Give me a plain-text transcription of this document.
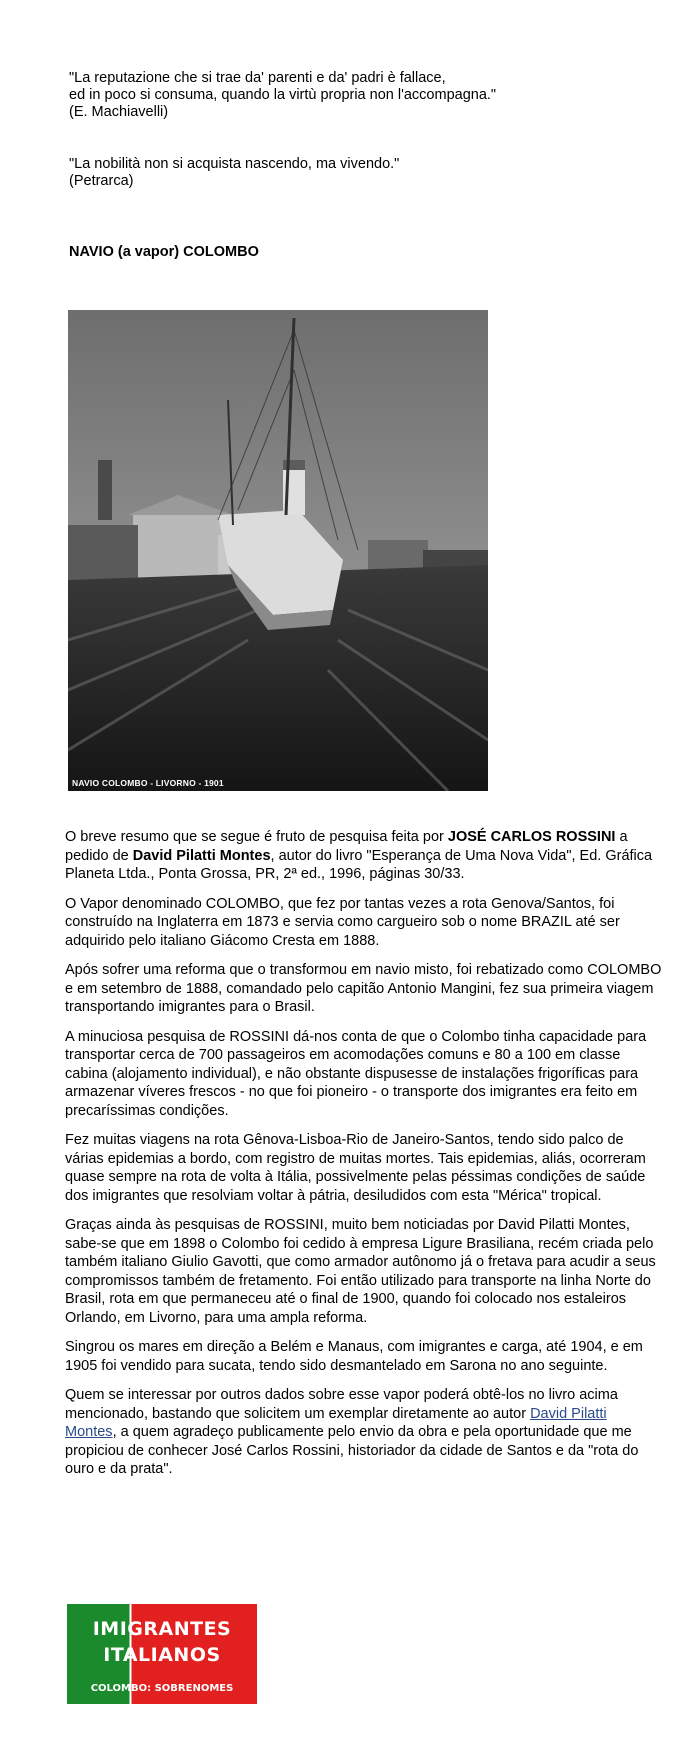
"La reputazione che si trae da' parenti e da' padri è fallace,

ed in poco si consuma, quando la virtù propria non l'accompagna."

(E. Machiavelli)

"La nobilità non si acquista nascendo, ma vivendo."

(Petrarca)

NAVIO (a vapor) COLOMBO
NAVIO COLOMBO - LIVORNO - 1901

O breve resumo que se segue é fruto de pesquisa feita por JOSÉ CARLOS ROSSINI a pedido de David Pilatti Montes, autor do livro "Esperança de Uma Nova Vida", Ed. Gráfica Planeta Ltda., Ponta Grossa, PR, 2ª ed., 1996, páginas 30/33.

O Vapor denominado COLOMBO, que fez por tantas vezes a rota Genova/Santos, foi construído na Inglaterra em 1873 e servia como cargueiro sob o nome BRAZIL até ser adquirido pelo italiano Giácomo Cresta em 1888.

Após sofrer uma reforma que o transformou em navio misto, foi rebatizado como COLOMBO e em setembro de 1888, comandado pelo capitão Antonio Mangini, fez sua primeira viagem transportando imigrantes para o Brasil.

A minuciosa pesquisa de ROSSINI dá-nos conta de que o Colombo tinha capacidade para transportar cerca de 700 passageiros em acomodações comuns e 80 a 100 em classe cabina (alojamento individual), e não obstante dispusesse de instalações frigoríficas para armazenar víveres frescos - no que foi pioneiro - o transporte dos imigrantes era feito em precaríssimas condições.

Fez muitas viagens na rota Gênova-Lisboa-Rio de Janeiro-Santos, tendo sido palco de várias epidemias a bordo, com registro de muitas mortes. Tais epidemias, aliás, ocorreram quase sempre na rota de volta à Itália, possivelmente pelas péssimas condições de saúde dos imigrantes que resolviam voltar à pátria, desiludidos com esta "Mérica" tropical.

Graças ainda às pesquisas de ROSSINI, muito bem noticiadas por David Pilatti Montes, sabe-se que em 1898 o Colombo foi cedido à empresa Ligure Brasiliana, recém criada pelo também italiano Giulio Gavotti, que como armador autônomo já o fretava para acudir a seus compromissos também de fretamento. Foi então utilizado para transporte na linha Norte do Brasil, rota em que permaneceu até o final de 1900, quando foi colocado nos estaleiros Orlando, em Livorno, para uma ampla reforma.

Singrou os mares em direção a Belém e Manaus, com imigrantes e carga, até 1904, e em 1905 foi vendido para sucata, tendo sido desmantelado em Sarona no ano seguinte.

Quem se interessar por outros dados sobre esse vapor poderá obtê-los no livro acima mencionado, bastando que solicitem um exemplar diretamente ao autor David Pilatti Montes, a quem agradeço publicamente pelo envio da obra e pela oportunidade que me propiciou de conhecer José Carlos Rossini, historiador da cidade de Santos e da "rota do ouro e da prata".

IMIGRANTES
ITALIANOS
COLOMBO: SOBRENOMES
